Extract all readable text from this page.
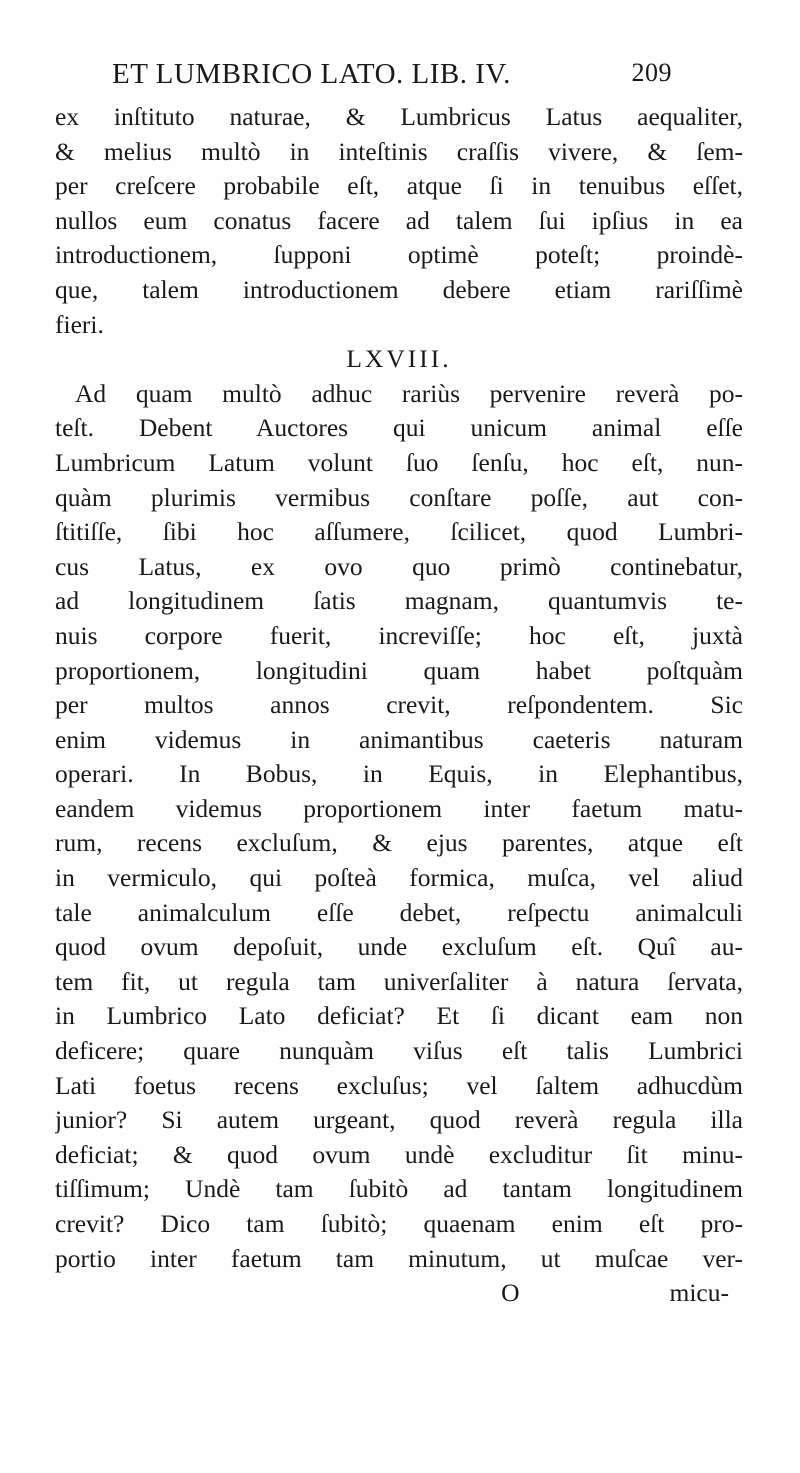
ET LUMBRICO LATO. LIB. IV.	209
ex inſtituto naturae, & Lumbricus Latus aequaliter,
& melius multò in inteſtinis craſſis vivere, & ſem-
per creſcere probabile eſt, atque ſi in tenuibus eſſet,
nullos eum conatus facere ad talem ſui ipſius in ea
introductionem, ſupponi optimè poteſt; proindè-
que, talem introductionem debere etiam rariſſimè
fieri.
LXVIII.
Ad quam multò adhuc rariùs pervenire reverà po-
teſt. Debent Auctores qui unicum animal eſſe
Lumbricum Latum volunt ſuo ſenſu, hoc eſt, nun-
quàm plurimis vermibus conſtare poſſe, aut con-
ſtitiſſe, ſibi hoc aſſumere, ſcilicet, quod Lumbri-
cus Latus, ex ovo quo primò continebatur,
ad longitudinem ſatis magnam, quantumvis te-
nuis corpore fuerit, increviſſe; hoc eſt, juxtà
proportionem, longitudini quam habet poſtquàm
per multos annos crevit, reſpondentem. Sic
enim videmus in animantibus caeteris naturam
operari. In Bobus, in Equis, in Elephantibus,
eandem videmus proportionem inter faetum matu-
rum, recens excluſum, & ejus parentes, atque eſt
in vermiculo, qui poſteà formica, muſca, vel aliud
tale animalculum eſſe debet, reſpectu animalculi
quod ovum depoſuit, unde excluſum eſt. Quî au-
tem fit, ut regula tam univerſaliter à natura ſervata,
in Lumbrico Lato deficiat? Et ſi dicant eam non
deficere; quare nunquàm viſus eſt talis Lumbrici
Lati foetus recens excluſus; vel ſaltem adhucdùm
junior? Si autem urgeant, quod reverà regula illa
deficiat; & quod ovum undè excluditur ſit minu-
tiſſimum; Undè tam ſubitò ad tantam longitudinem
crevit? Dico tam ſubitò; quaenam enim eſt pro-
portio inter faetum tam minutum, ut muſcae ver-
O	micu-
